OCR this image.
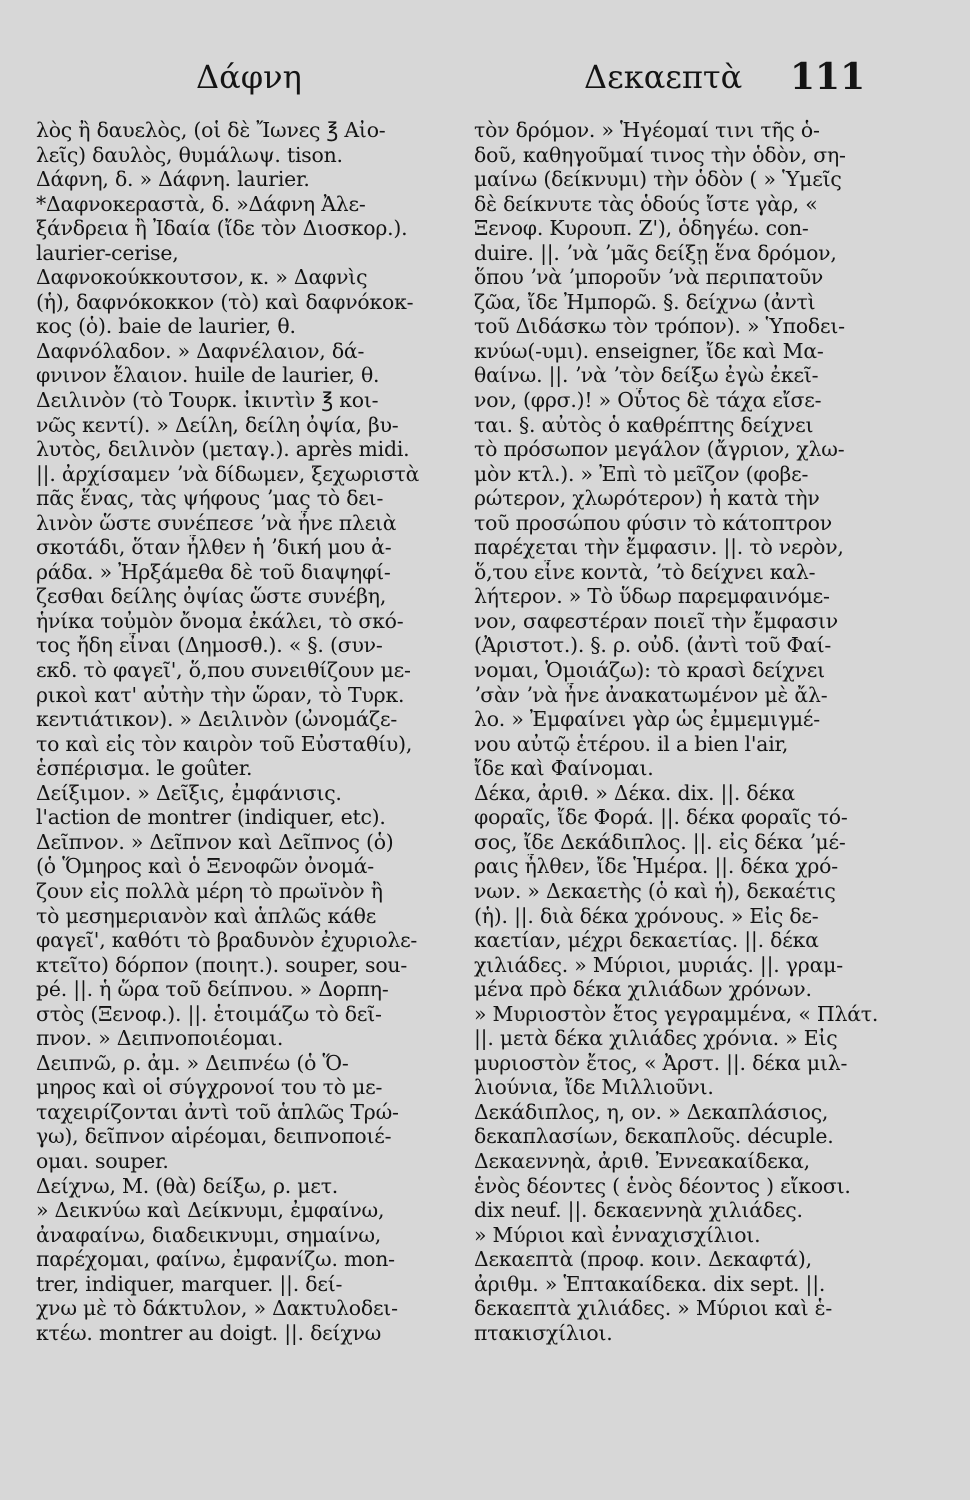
Δάφνη	Δεκαεπτὰ 111
λὸς ἢ δαυελὸς, (οἱ δὲ Ἴωνες ℥ Αἰο-
λεῖς) δαυλὸς, θυμάλωψ. tison.
Δάφνη, δ. » Δάφνη. laurier.
*Δαφνοκεραστὰ, δ. »Δάφνη Ἀλε-
ξάνδρεια ἢ Ἰδαία (ἴδε τὸν Διοσκορ.).
laurier-cerise,
Δαφνοκούκκουτσον, κ. » Δαφνὶς
(ἡ), δαφνόκοκκον (τὸ) καὶ δαφνόκοκ-
κος (ὁ). baie de laurier, θ.
Δαφνόλαδον. » Δαφνέλαιον, δά-
φνινον ἔλαιον. huile de laurier, θ.
Δειλινὸν (τὸ Τουρκ. ἰκιντὶν ℥ κοι-
νῶς κεντί). » Δείλη, δείλη ὀψία, βυ-
λυτὸς, δειλινὸν (μεταγ.). après midi.
||. ἀρχίσαμεν ʼνὰ δίδωμεν, ξεχωριστὰ
πᾶς ἕνας, τὰς ψήφους ʼμας τὸ δει-
λινὸν ὥστε συνέπεσε ʼνὰ ἦνε πλειὰ
σκοτάδι, ὅταν ἦλθεν ἡ ʼδική μου ἀ-
ράδα. » Ἠρξάμεθα δὲ τοῦ διαψηφί-
ζεσθαι δείλης ὀψίας ὥστε συνέβη,
ἡνίκα τοὐμὸν ὄνομα ἐκάλει, τὸ σκό-
τος ἤδη εἶναι (Δημοσθ.). « §. (συν-
εκδ. τὸ φαγεῖ', ὅ,που συνειθίζουν με-
ρικοὶ κατ' αὐτὴν τὴν ὥραν, τὸ Τυρκ.
κεντιάτικον). » Δειλινὸν (ὠνομάζε-
το καὶ εἰς τὸν καιρὸν τοῦ Εὐσταθίυ),
ἑσπέρισμα. le goûter.
Δείξιμον. » Δεῖξις, ἐμφάνισις.
l'action de montrer (indiquer, etc).
Δεῖπνον. » Δεῖπνον καὶ Δεῖπνος (ὁ)
(ὁ Ὅμηρος καὶ ὁ Ξενοφῶν ὀνομά-
ζουν εἰς πολλὰ μέρη τὸ πρωϊνὸν ἢ
τὸ μεσημεριανὸν καὶ ἁπλῶς κάθε
φαγεῖ', καθότι τὸ βραδυνὸν ἐχυριολε-
κτεῖτο) δόρπον (ποιητ.). souper, sou-
pé. ||. ἡ ὥρα τοῦ δείπνου. » Δορπη-
στὸς (Ξενοφ.). ||. ἑτοιμάζω τὸ δεῖ-
πνον. » Δειπνοποιέομαι.
Δειπνῶ, ρ. ἀμ. » Δειπνέω (ὁ Ὅ-
μηρος καὶ οἱ σύγχρονοί του τὸ με-
ταχειρίζονται ἀντὶ τοῦ ἁπλῶς Τρώ-
γω), δεῖπνον αἱρέομαι, δειπνοποιέ-
ομαι. souper.
Δείχνω, Μ. (θὰ) δείξω, ρ. μετ.
» Δεικνύω καὶ Δείκνυμι, ἐμφαίνω,
ἀναφαίνω, διαδεικνυμι, σημαίνω,
παρέχομαι, φαίνω, ἐμφανίζω. mon-
trer, indiquer, marquer. ||. δεί-
χνω μὲ τὸ δάκτυλον, » Δακτυλοδει-
κτέω. montrer au doigt. ||. δείχνω
τὸν δρόμον. » Ἡγέομαί τινι τῆς ὁ-
δοῦ, καθηγοῦμαί τινος τὴν ὁδὸν, ση-
μαίνω (δείκνυμι) τὴν ὁδὸν ( » Ὑμεῖς
δὲ δείκνυτε τὰς ὁδούς ἴστε γὰρ, «
Ξενοφ. Κυρουπ. Ζ'), ὁδηγέω. con-
duire. ||. ʼνὰ ʼμᾶς δείξῃ ἕνα δρόμον,
ὅπου ʼνὰ ʼμποροῦν ʼνὰ περιπατοῦν
ζῶα, ἴδε Ἠμπορῶ. §. δείχνω (ἀντὶ
τοῦ Διδάσκω τὸν τρόπον). » Ὑποδει-
κνύω(-υμι). enseigner, ἴδε καὶ Μα-
θαίνω. ||. ʼνὰ ʼτὸν δείξω ἐγὼ ἐκεῖ-
νον, (φρσ.)! » Οὗτος δὲ τάχα εἴσε-
ται. §. αὐτὸς ὁ καθρέπτης δείχνει
τὸ πρόσωπον μεγάλον (ἄγριον, χλω-
μὸν κτλ.). » Ἐπὶ τὸ μεῖζον (φοβε-
ρώτερον, χλωρότερον) ἡ κατὰ τὴν
τοῦ προσώπου φύσιν τὸ κάτοπτρον
παρέχεται τὴν ἔμφασιν. ||. τὸ νερὸν,
ὅ,του εἶνε κοντὰ, ʼτὸ δείχνει καλ-
λήτερον. » Τὸ ὕδωρ παρεμφαινόμε-
νον, σαφεστέραν ποιεῖ τὴν ἔμφασιν
(Ἀριστοτ.). §. ρ. οὐδ. (ἀντὶ τοῦ Φαί-
νομαι, Ὁμοιάζω): τὸ κρασὶ δείχνει
ʼσὰν ʼνὰ ἦνε ἀνακατωμένον μὲ ἄλ-
λο. » Ἐμφαίνει γὰρ ὡς ἐμμεμιγμέ-
νου αὐτῷ ἑτέρου. il a bien l'air,
ἴδε καὶ Φαίνομαι.
Δέκα, ἀριθ. » Δέκα. dix. ||. δέκα
φοραῖς, ἴδε Φορά. ||. δέκα φοραῖς τό-
σος, ἴδε Δεκάδιπλος. ||. εἰς δέκα ʼμέ-
ραις ἦλθεν, ἴδε Ἡμέρα. ||. δέκα χρό-
νων. » Δεκαετὴς (ὁ καὶ ἡ), δεκαέτις
(ἡ). ||. διὰ δέκα χρόνους. » Εἰς δε-
καετίαν, μέχρι δεκαετίας. ||. δέκα
χιλιάδες. » Μύριοι, μυριάς. ||. γραμ-
μένα πρὸ δέκα χιλιάδων χρόνων.
» Μυριοστὸν ἔτος γεγραμμένα, « Πλάτ.
||. μετὰ δέκα χιλιάδες χρόνια. » Εἰς
μυριοστὸν ἔτος, « Ἀρστ. ||. δέκα μιλ-
λιούνια, ἴδε Μιλλιοῦνι.
Δεκάδιπλος, η, ον. » Δεκαπλάσιος,
δεκαπλασίων, δεκαπλοῦς. décuple.
Δεκαεννηὰ, ἀριθ. Ἐννεακαίδεκα,
ἑνὸς δέοντες ( ἑνὸς δέοντος ) εἴκοσι.
dix neuf. ||. δεκαεννηὰ χιλιάδες.
» Μύριοι καὶ ἐνναχισχίλιοι.
Δεκαεπτὰ (προφ. κοιν. Δεκαφτά),
ἀριθμ. » Ἑπτακαίδεκα. dix sept. ||.
δεκαεπτὰ χιλιάδες. » Μύριοι καὶ ἑ-
πτακισχίλιοι.
